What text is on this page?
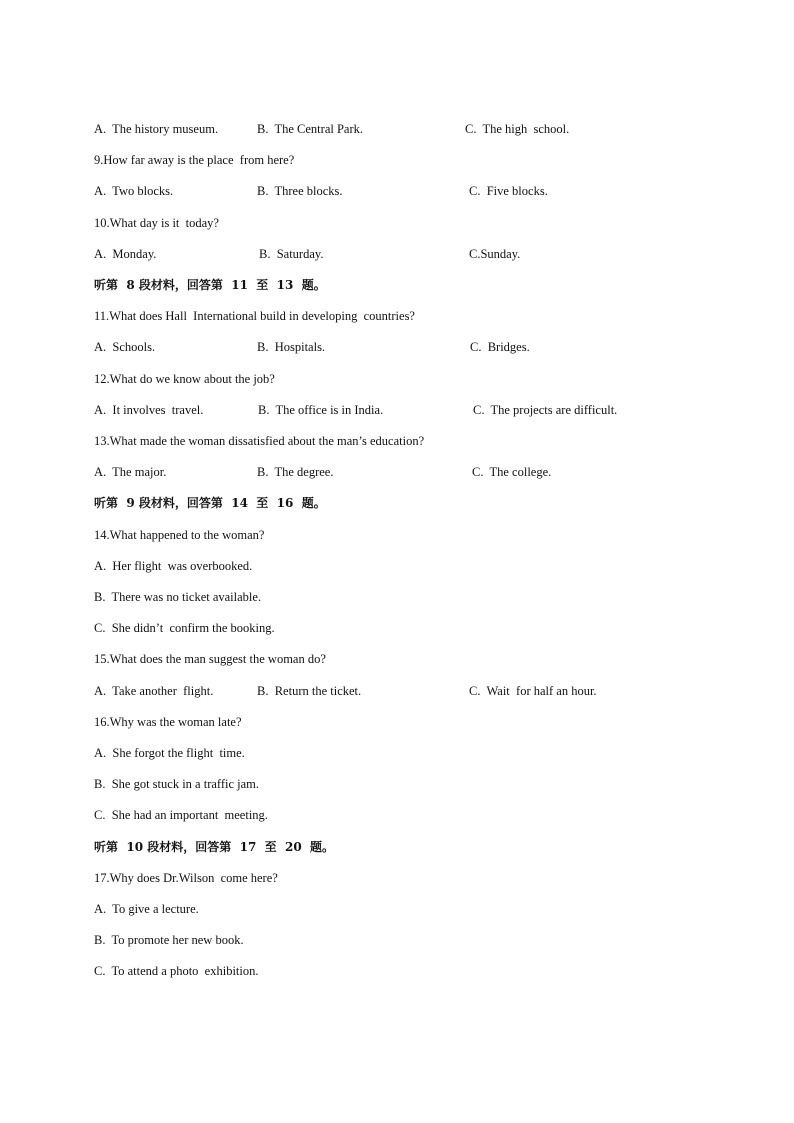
A.  The history museum.	B.  The Central Park.	C.  The high  school.
9.How far away is the place  from here?
A.  Two blocks.	B.  Three blocks.	C.  Five blocks.
10.What day is it  today?
A.  Monday.	B.  Saturday.	C.Sunday.
听第  8 段材料，回答第  11  至  13  题。
11.What does Hall  International build in developing  countries?
A.  Schools.	B.  Hospitals.	C.  Bridges.
12.What do we know about the job?
A.  It involves  travel.	B.  The office is in India.	C.  The projects are difficult.
13.What made the woman dissatisfied about the man’s education?
A.  The major.	B.  The degree.	C.  The college.
听第  9 段材料，回答第  14  至  16  题。
14.What happened to the woman?
A.  Her flight  was overbooked.
B.  There was no ticket available.
C.  She didn’t  confirm the booking.
15.What does the man suggest the woman do?
A.  Take another  flight.	B.  Return the ticket.	C.  Wait  for half an hour.
16.Why was the woman late?
A.  She forgot the flight  time.
B.  She got stuck in a traffic jam.
C.  She had an important  meeting.
听第  10 段材料，回答第  17  至  20  题。
17.Why does Dr.Wilson  come here?
A.  To give a lecture.
B.  To promote her new book.
C.  To attend a photo  exhibition.
